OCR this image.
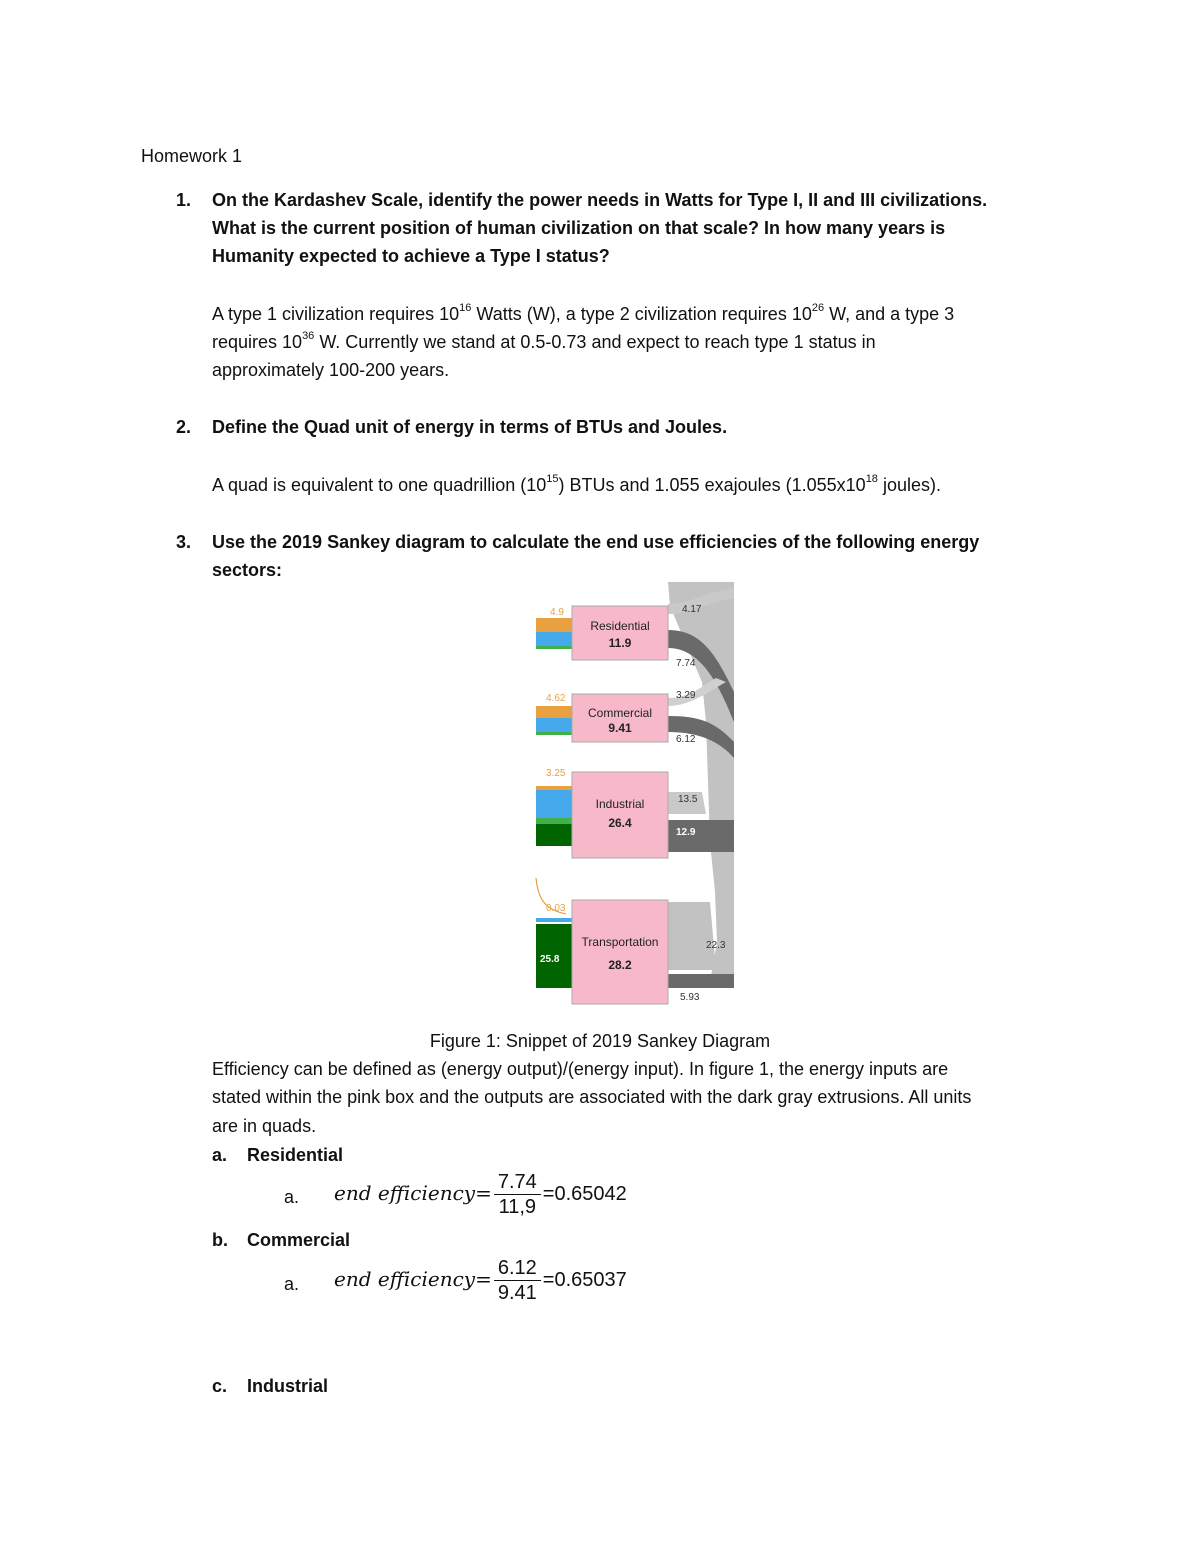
Homework 1
1. On the Kardashev Scale, identify the power needs in Watts for Type I, II and III civilizations.
What is the current position of human civilization on that scale? In how many years is
Humanity expected to achieve a Type I status?
A type 1 civilization requires $10^{16}$ Watts (W), a type 2 civilization requires $10^{26}$ W, and a type 3
requires $10^{36}$ W. Currently we stand at 0.5-0.73 and expect to reach type 1 status in
approximately 100-200 years.
2. Define the Quad unit of energy in terms of BTUs and Joules.
A quad is equivalent to one quadrillion $(10^{15})$ BTUs and 1.055 exajoules ($1.055x10^{18}$ joules).
3. Use the 2019 Sankey diagram to calculate the end use efficiencies of the following energy
sectors:
Residential
11.9
4.9	4.17
7.74
Commercial
9.41
4.62	3.29
6.12
Industrial
26.4
3.25
13.5
12.9
Transportation
28.2
0.03
25.8
22.3
5.93
Figure 1: Snippet of 2019 Sankey Diagram
Efficiency can be defined as (energy output)/(energy input). In figure 1, the energy inputs are
stated within the pink box and the outputs are associated with the dark gray extrusions. All units
are in quads.
a. Residential
a. end efficiency= $\frac{7.74}{11,9} =0.65042$
b. Commercial
a. end efficiency= $\frac{6.12}{9.41} =0.65037$
c. Industrial
